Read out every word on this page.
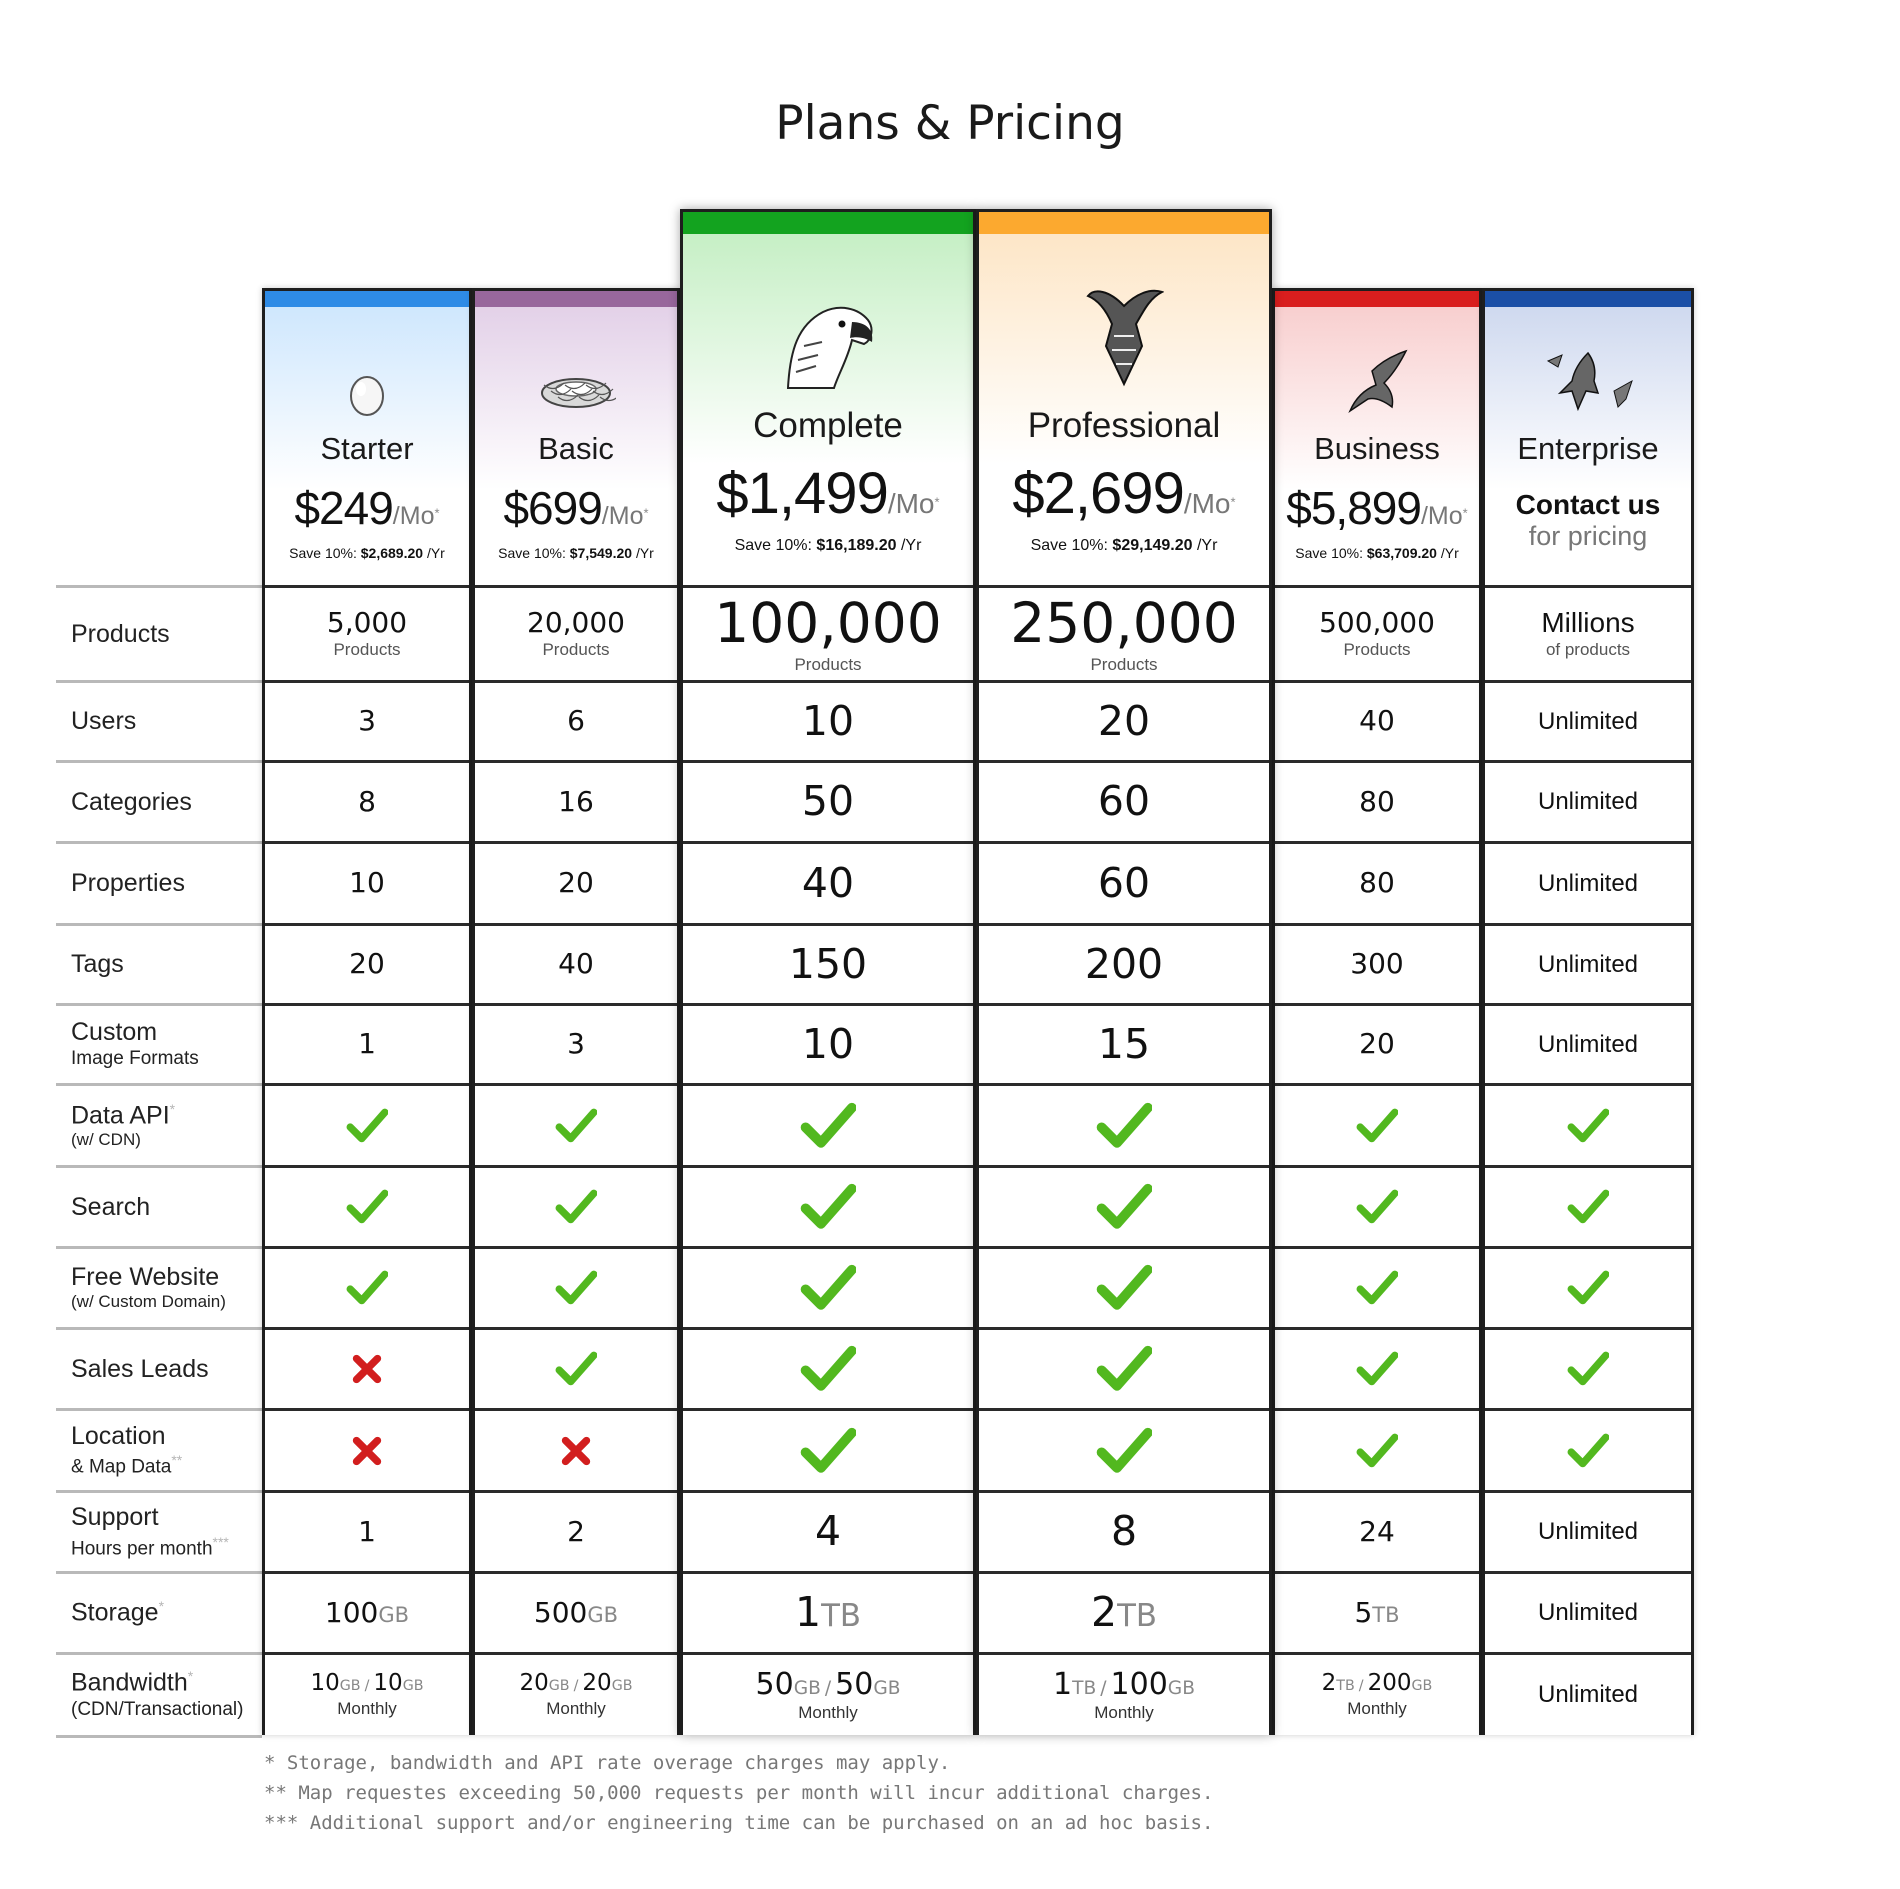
Plans & Pricing
Products
Users
Categories
Properties
Tags
Custom
Image Formats
Data API*
(w/ CDN)
Search
Free Website
(w/ Custom Domain)
Sales Leads
Location
& Map Data**
Support
Hours per month***
Storage*
Bandwidth*
(CDN/Transactional)
Starter
$249/Mo*
Save 10%: $2,689.20 /Yr
5,000
Products
3
8
10
20
1
1
100GB
10GB / 10GB
Monthly
Basic
$699/Mo*
Save 10%: $7,549.20 /Yr
20,000
Products
6
16
20
40
3
2
500GB
20GB / 20GB
Monthly
Complete
$1,499/Mo*
Save 10%: $16,189.20 /Yr
100,000
Products
10
50
40
150
10
4
1TB
50GB / 50GB
Monthly
Professional
$2,699/Mo*
Save 10%: $29,149.20 /Yr
250,000
Products
20
60
60
200
15
8
2TB
1TB / 100GB
Monthly
Business
$5,899/Mo*
Save 10%: $63,709.20 /Yr
500,000
Products
40
80
80
300
20
24
5TB
2TB / 200GB
Monthly
Enterprise
Contact us
for pricing
Millions
of products
Unlimited
Unlimited
Unlimited
Unlimited
Unlimited
Unlimited
Unlimited
Unlimited
* Storage, bandwidth and API rate overage charges may apply.
** Map requestes exceeding 50,000 requests per month will incur additional charges.
*** Additional support and/or engineering time can be purchased on an ad hoc basis.
